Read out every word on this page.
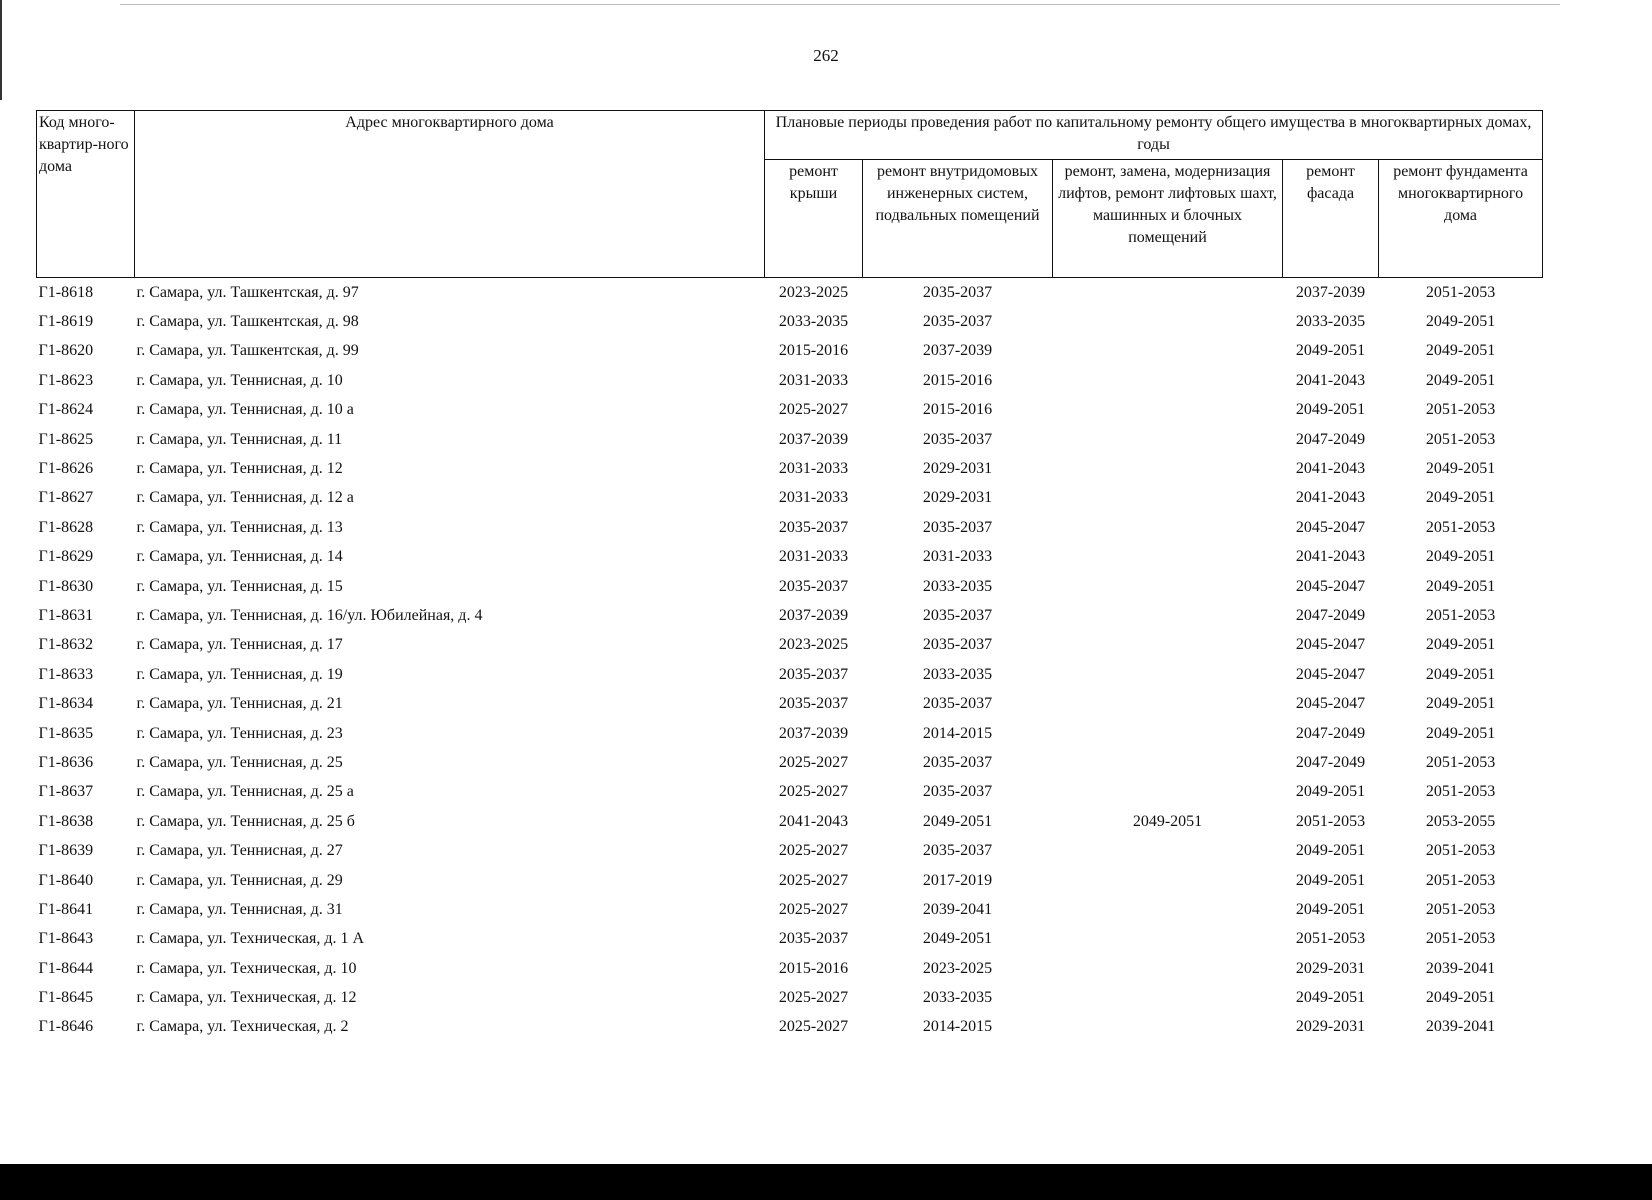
262
Код много-квартир-ного дома	Адрес многоквартирного дома	Плановые периоды проведения работ по капитальному ремонту общего имущества в многоквартирных домах, годы				
		ремонт крыши	ремонт внутридомовых инженерных систем, подвальных помещений	ремонт, замена, модернизация лифтов, ремонт лифтовых шахт, машинных и блочных помещений	ремонт фасада	ремонт фундамента многоквартирного дома
Г1-8618	г. Самара, ул. Ташкентская, д. 97	2023-2025	2035-2037		2037-2039	2051-2053
Г1-8619	г. Самара, ул. Ташкентская, д. 98	2033-2035	2035-2037		2033-2035	2049-2051
Г1-8620	г. Самара, ул. Ташкентская, д. 99	2015-2016	2037-2039		2049-2051	2049-2051
Г1-8623	г. Самара, ул. Теннисная, д. 10	2031-2033	2015-2016		2041-2043	2049-2051
Г1-8624	г. Самара, ул. Теннисная, д. 10 а	2025-2027	2015-2016		2049-2051	2051-2053
Г1-8625	г. Самара, ул. Теннисная, д. 11	2037-2039	2035-2037		2047-2049	2051-2053
Г1-8626	г. Самара, ул. Теннисная, д. 12	2031-2033	2029-2031		2041-2043	2049-2051
Г1-8627	г. Самара, ул. Теннисная, д. 12 а	2031-2033	2029-2031		2041-2043	2049-2051
Г1-8628	г. Самара, ул. Теннисная, д. 13	2035-2037	2035-2037		2045-2047	2051-2053
Г1-8629	г. Самара, ул. Теннисная, д. 14	2031-2033	2031-2033		2041-2043	2049-2051
Г1-8630	г. Самара, ул. Теннисная, д. 15	2035-2037	2033-2035		2045-2047	2049-2051
Г1-8631	г. Самара, ул. Теннисная, д. 16/ул. Юбилейная, д. 4	2037-2039	2035-2037		2047-2049	2051-2053
Г1-8632	г. Самара, ул. Теннисная, д. 17	2023-2025	2035-2037		2045-2047	2049-2051
Г1-8633	г. Самара, ул. Теннисная, д. 19	2035-2037	2033-2035		2045-2047	2049-2051
Г1-8634	г. Самара, ул. Теннисная, д. 21	2035-2037	2035-2037		2045-2047	2049-2051
Г1-8635	г. Самара, ул. Теннисная, д. 23	2037-2039	2014-2015		2047-2049	2049-2051
Г1-8636	г. Самара, ул. Теннисная, д. 25	2025-2027	2035-2037		2047-2049	2051-2053
Г1-8637	г. Самара, ул. Теннисная, д. 25 а	2025-2027	2035-2037		2049-2051	2051-2053
Г1-8638	г. Самара, ул. Теннисная, д. 25 б	2041-2043	2049-2051	2049-2051	2051-2053	2053-2055
Г1-8639	г. Самара, ул. Теннисная, д. 27	2025-2027	2035-2037		2049-2051	2051-2053
Г1-8640	г. Самара, ул. Теннисная, д. 29	2025-2027	2017-2019		2049-2051	2051-2053
Г1-8641	г. Самара, ул. Теннисная, д. 31	2025-2027	2039-2041		2049-2051	2051-2053
Г1-8643	г. Самара, ул. Техническая, д. 1 А	2035-2037	2049-2051		2051-2053	2051-2053
Г1-8644	г. Самара, ул. Техническая, д. 10	2015-2016	2023-2025		2029-2031	2039-2041
Г1-8645	г. Самара, ул. Техническая, д. 12	2025-2027	2033-2035		2049-2051	2049-2051
Г1-8646	г. Самара, ул. Техническая, д. 2	2025-2027	2014-2015		2029-2031	2039-2041
